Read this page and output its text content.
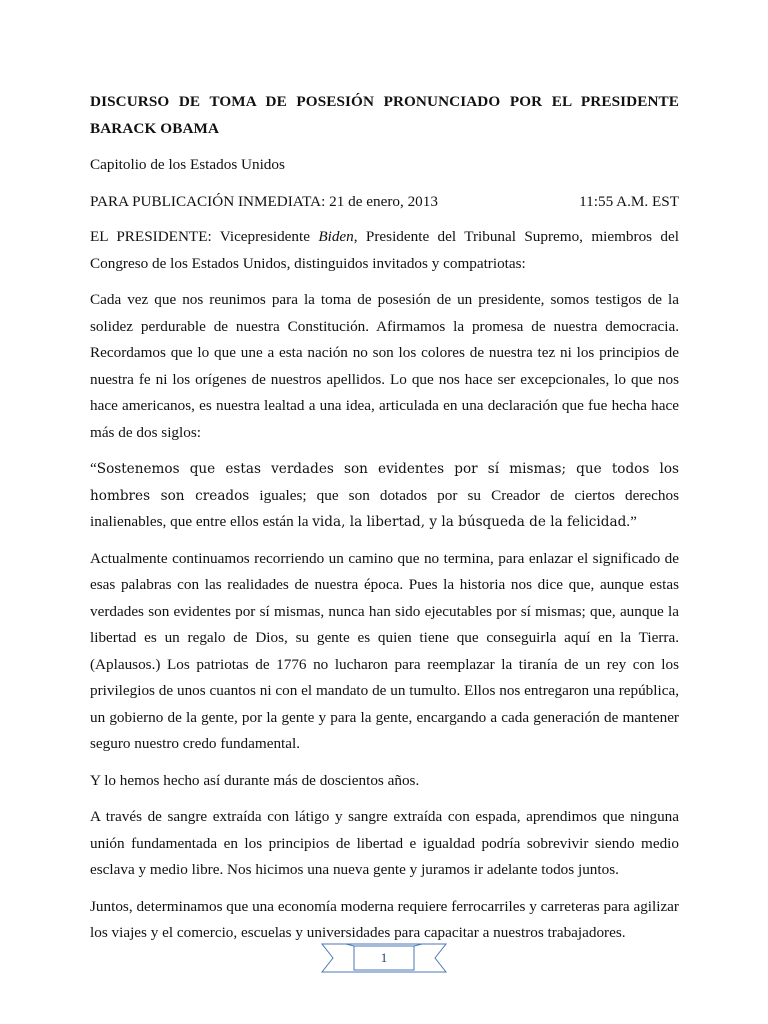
DISCURSO DE TOMA DE POSESIÓN PRONUNCIADO POR EL PRESIDENTE BARACK OBAMA

Capitolio de los Estados Unidos

PARA PUBLICACIÓN INMEDIATA: 21 de enero, 2013	11:55 A.M. EST

EL PRESIDENTE: Vicepresidente Biden, Presidente del Tribunal Supremo, miembros del Congreso de los Estados Unidos, distinguidos invitados y compatriotas:

Cada vez que nos reunimos para la toma de posesión de un presidente, somos testigos de la solidez perdurable de nuestra Constitución. Afirmamos la promesa de nuestra democracia. Recordamos que lo que une a esta nación no son los colores de nuestra tez ni los principios de nuestra fe ni los orígenes de nuestros apellidos. Lo que nos hace ser excepcionales, lo que nos hace americanos, es nuestra lealtad a una idea, articulada en una declaración que fue hecha hace más de dos siglos:

“Sostenemos que estas verdades son evidentes por sí mismas; que todos los hombres son creados iguales; que son dotados por su Creador de ciertos derechos inalienables, que entre ellos están la vida, la libertad, y la búsqueda de la felicidad.”

Actualmente continuamos recorriendo un camino que no termina, para enlazar el significado de esas palabras con las realidades de nuestra época. Pues la historia nos dice que, aunque estas verdades son evidentes por sí mismas, nunca han sido ejecutables por sí mismas; que, aunque la libertad es un regalo de Dios, su gente es quien tiene que conseguirla aquí en la Tierra. (Aplausos.) Los patriotas de 1776 no lucharon para reemplazar la tiranía de un rey con los privilegios de unos cuantos ni con el mandato de un tumulto. Ellos nos entregaron una república, un gobierno de la gente, por la gente y para la gente, encargando a cada generación de mantener seguro nuestro credo fundamental.

Y lo hemos hecho así durante más de doscientos años.

A través de sangre extraída con látigo y sangre extraída con espada, aprendimos que ninguna unión fundamentada en los principios de libertad e igualdad podría sobrevivir siendo medio esclava y medio libre. Nos hicimos una nueva gente y juramos ir adelante todos juntos.

Juntos, determinamos que una economía moderna requiere ferrocarriles y carreteras para agilizar los viajes y el comercio, escuelas y universidades para capacitar a nuestros trabajadores.

1
